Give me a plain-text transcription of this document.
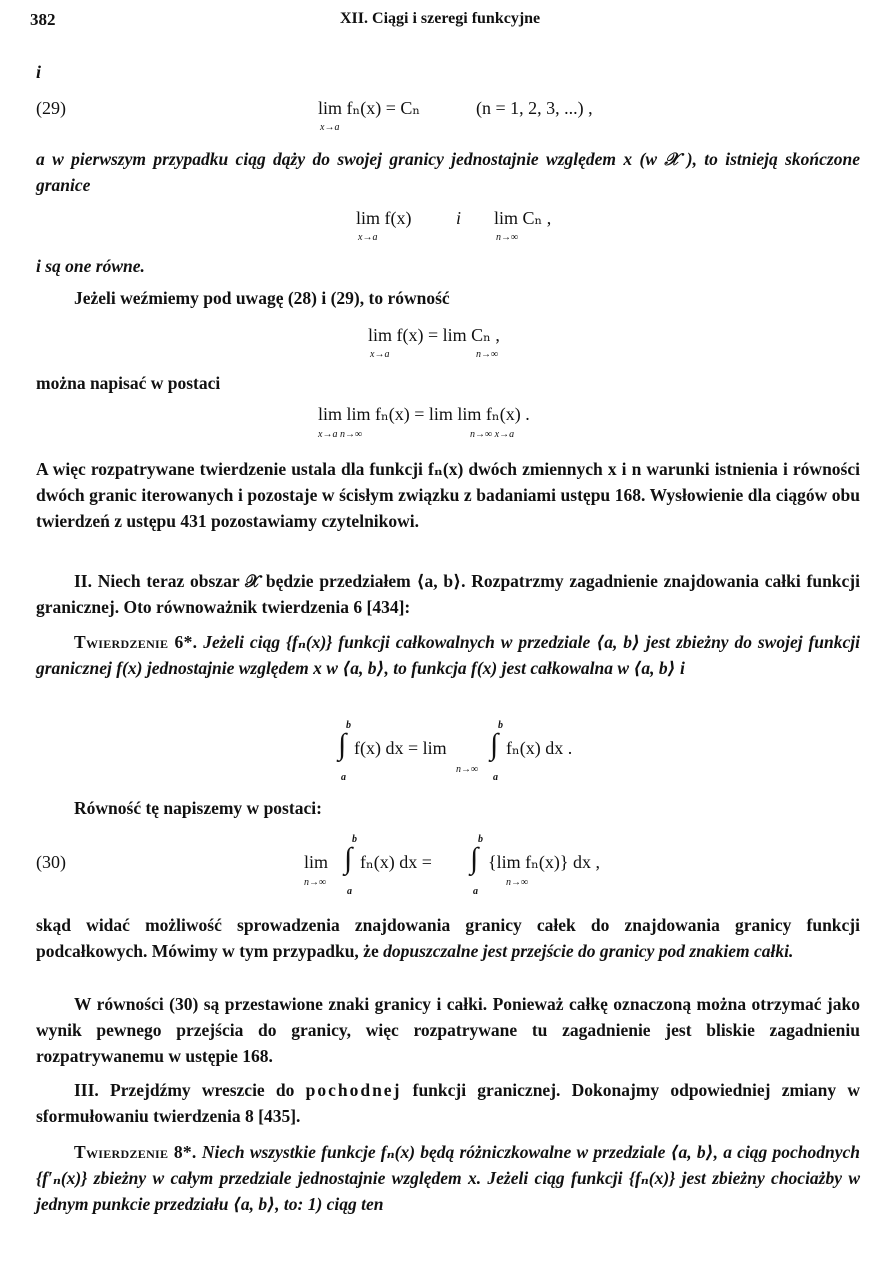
382	XII. Ciągi i szeregi funkcyjne
i
(29)	lim fₙ(x) = Cₙ
x→a
(n = 1, 2, 3, ...) ,
a w pierwszym przypadku ciąg dąży do swojej granicy jednostajnie względem x (w 𝒳 ), to istnieją skończone granice
lim f(x)
x→a
i lim Cₙ ,
n→∞
i są one równe.
Jeżeli weźmiemy pod uwagę (28) i (29), to równość
lim f(x) = lim Cₙ ,
x→a	n→∞
można napisać w postaci
lim lim fₙ(x) = lim lim fₙ(x) .
x→a n→∞	n→∞ x→a
A więc rozpatrywane twierdzenie ustala dla funkcji fₙ(x) dwóch zmiennych x i n warunki istnienia i równości dwóch granic iterowanych i pozostaje w ścisłym związku z badaniami ustępu 168. Wysłowienie dla ciągów obu twierdzeń z ustępu 431 pozostawiamy czytelnikowi.
II. Niech teraz obszar 𝒳 będzie przedziałem ⟨a, b⟩. Rozpatrzmy zagadnienie znajdowania całki funkcji granicznej. Oto równoważnik twierdzenia 6 [434]:
Twierdzenie 6*. Jeżeli ciąg {fₙ(x)} funkcji całkowalnych w przedziale ⟨a, b⟩ jest zbieżny do swojej funkcji granicznej f(x) jednostajnie względem x w ⟨a, b⟩, to funkcja f(x) jest całkowalna w ⟨a, b⟩ i
b
∫
a
f(x) dx = lim
n→∞
b
∫
a
fₙ(x) dx .
Równość tę napiszemy w postaci:
(30)	lim
n→∞
b
∫
a
fₙ(x) dx =
b
∫
a
{lim fₙ(x)} dx ,
n→∞
skąd widać możliwość sprowadzenia znajdowania granicy całek do znajdowania granicy funkcji podcałkowych. Mówimy w tym przypadku, że dopuszczalne jest przejście do granicy pod znakiem całki.
W równości (30) są przestawione znaki granicy i całki. Ponieważ całkę oznaczoną można otrzymać jako wynik pewnego przejścia do granicy, więc rozpatrywane tu zagadnienie jest bliskie zagadnieniu rozpatrywanemu w ustępie 168.
III. Przejdźmy wreszcie do pochodnej funkcji granicznej. Dokonajmy odpowiedniej zmiany w sformułowaniu twierdzenia 8 [435].
Twierdzenie 8*. Niech wszystkie funkcje fₙ(x) będą różniczkowalne w przedziale ⟨a, b⟩, a ciąg pochodnych {f′ₙ(x)} zbieżny w całym przedziale jednostajnie względem x. Jeżeli ciąg funkcji {fₙ(x)} jest zbieżny chociażby w jednym punkcie przedziału ⟨a, b⟩, to: 1) ciąg ten
